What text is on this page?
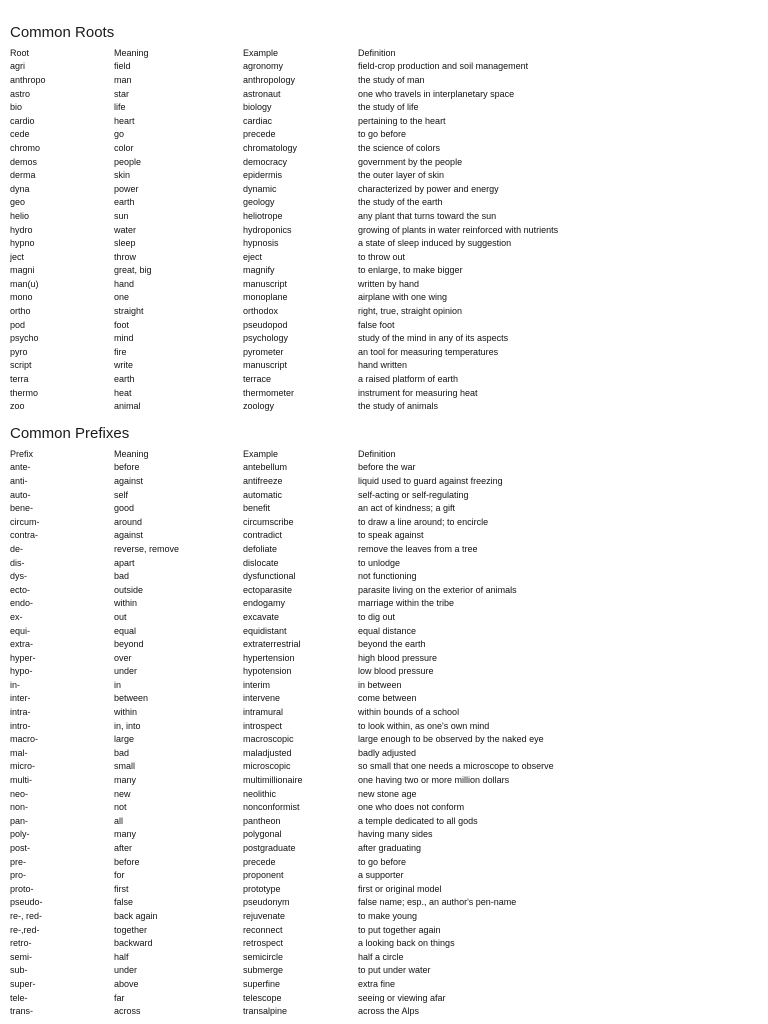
Common Roots
Root	Meaning	Example	Definition
agri	field	agronomy	field-crop production and soil management
anthropo	man	anthropology	the study of man
astro	star	astronaut	one who travels in interplanetary space
bio	life	biology	the study of life
cardio	heart	cardiac	pertaining to the heart
cede	go	precede	to go before
chromo	color	chromatology	the science of colors
demos	people	democracy	government by the people
derma	skin	epidermis	the outer layer of skin
dyna	power	dynamic	characterized by power and energy
geo	earth	geology	the study of the earth
helio	sun	heliotrope	any plant that turns toward the sun
hydro	water	hydroponics	growing of plants in water reinforced with nutrients
hypno	sleep	hypnosis	a state of sleep induced by suggestion
ject	throw	eject	to throw out
magni	great, big	magnify	to enlarge, to make bigger
man(u)	hand	manuscript	written by hand
mono	one	monoplane	airplane with one wing
ortho	straight	orthodox	right, true, straight opinion
pod	foot	pseudopod	false foot
psycho	mind	psychology	study of the mind in any of its aspects
pyro	fire	pyrometer	an tool for measuring temperatures
script	write	manuscript	hand written
terra	earth	terrace	a raised platform of earth
thermo	heat	thermometer	instrument for measuring heat
zoo	animal	zoology	the study of animals
Common Prefixes
Prefix	Meaning	Example	Definition
ante-	before	antebellum	before the war
anti-	against	antifreeze	liquid used to guard against freezing
auto-	self	automatic	self-acting or self-regulating
bene-	good	benefit	an act of kindness; a gift
circum-	around	circumscribe	to draw a line around; to encircle
contra-	against	contradict	to speak against
de-	reverse, remove	defoliate	remove the leaves from a tree
dis-	apart	dislocate	to unlodge
dys-	bad	dysfunctional	not functioning
ecto-	outside	ectoparasite	parasite living on the exterior of animals
endo-	within	endogamy	marriage within the tribe
ex-	out	excavate	to dig out
equi-	equal	equidistant	equal distance
extra-	beyond	extraterrestrial	beyond the earth
hyper-	over	hypertension	high blood pressure
hypo-	under	hypotension	low blood pressure
in-	in	interim	in between
inter-	between	intervene	come between
intra-	within	intramural	within bounds of a school
intro-	in, into	introspect	to look within, as one's own mind
macro-	large	macroscopic	large enough to be observed by the naked eye
mal-	bad	maladjusted	badly adjusted
micro-	small	microscopic	so small that one needs a microscope to observe
multi-	many	multimillionaire	one having two or more million dollars
neo-	new	neolithic	new stone age
non-	not	nonconformist	one who does not conform
pan-	all	pantheon	a temple dedicated to all gods
poly-	many	polygonal	having many sides
post-	after	postgraduate	after graduating
pre-	before	precede	to go before
pro-	for	proponent	a supporter
proto-	first	prototype	first or original model
pseudo-	false	pseudonym	false name; esp., an author's pen-name
re-, red-	back again	rejuvenate	to make young
re-,red-	together	reconnect	to put together again
retro-	backward	retrospect	a looking back on things
semi-	half	semicircle	half a circle
sub-	under	submerge	to put under water
super-	above	superfine	extra fine
tele-	far	telescope	seeing or viewing afar
trans-	across	transalpine	across the Alps
